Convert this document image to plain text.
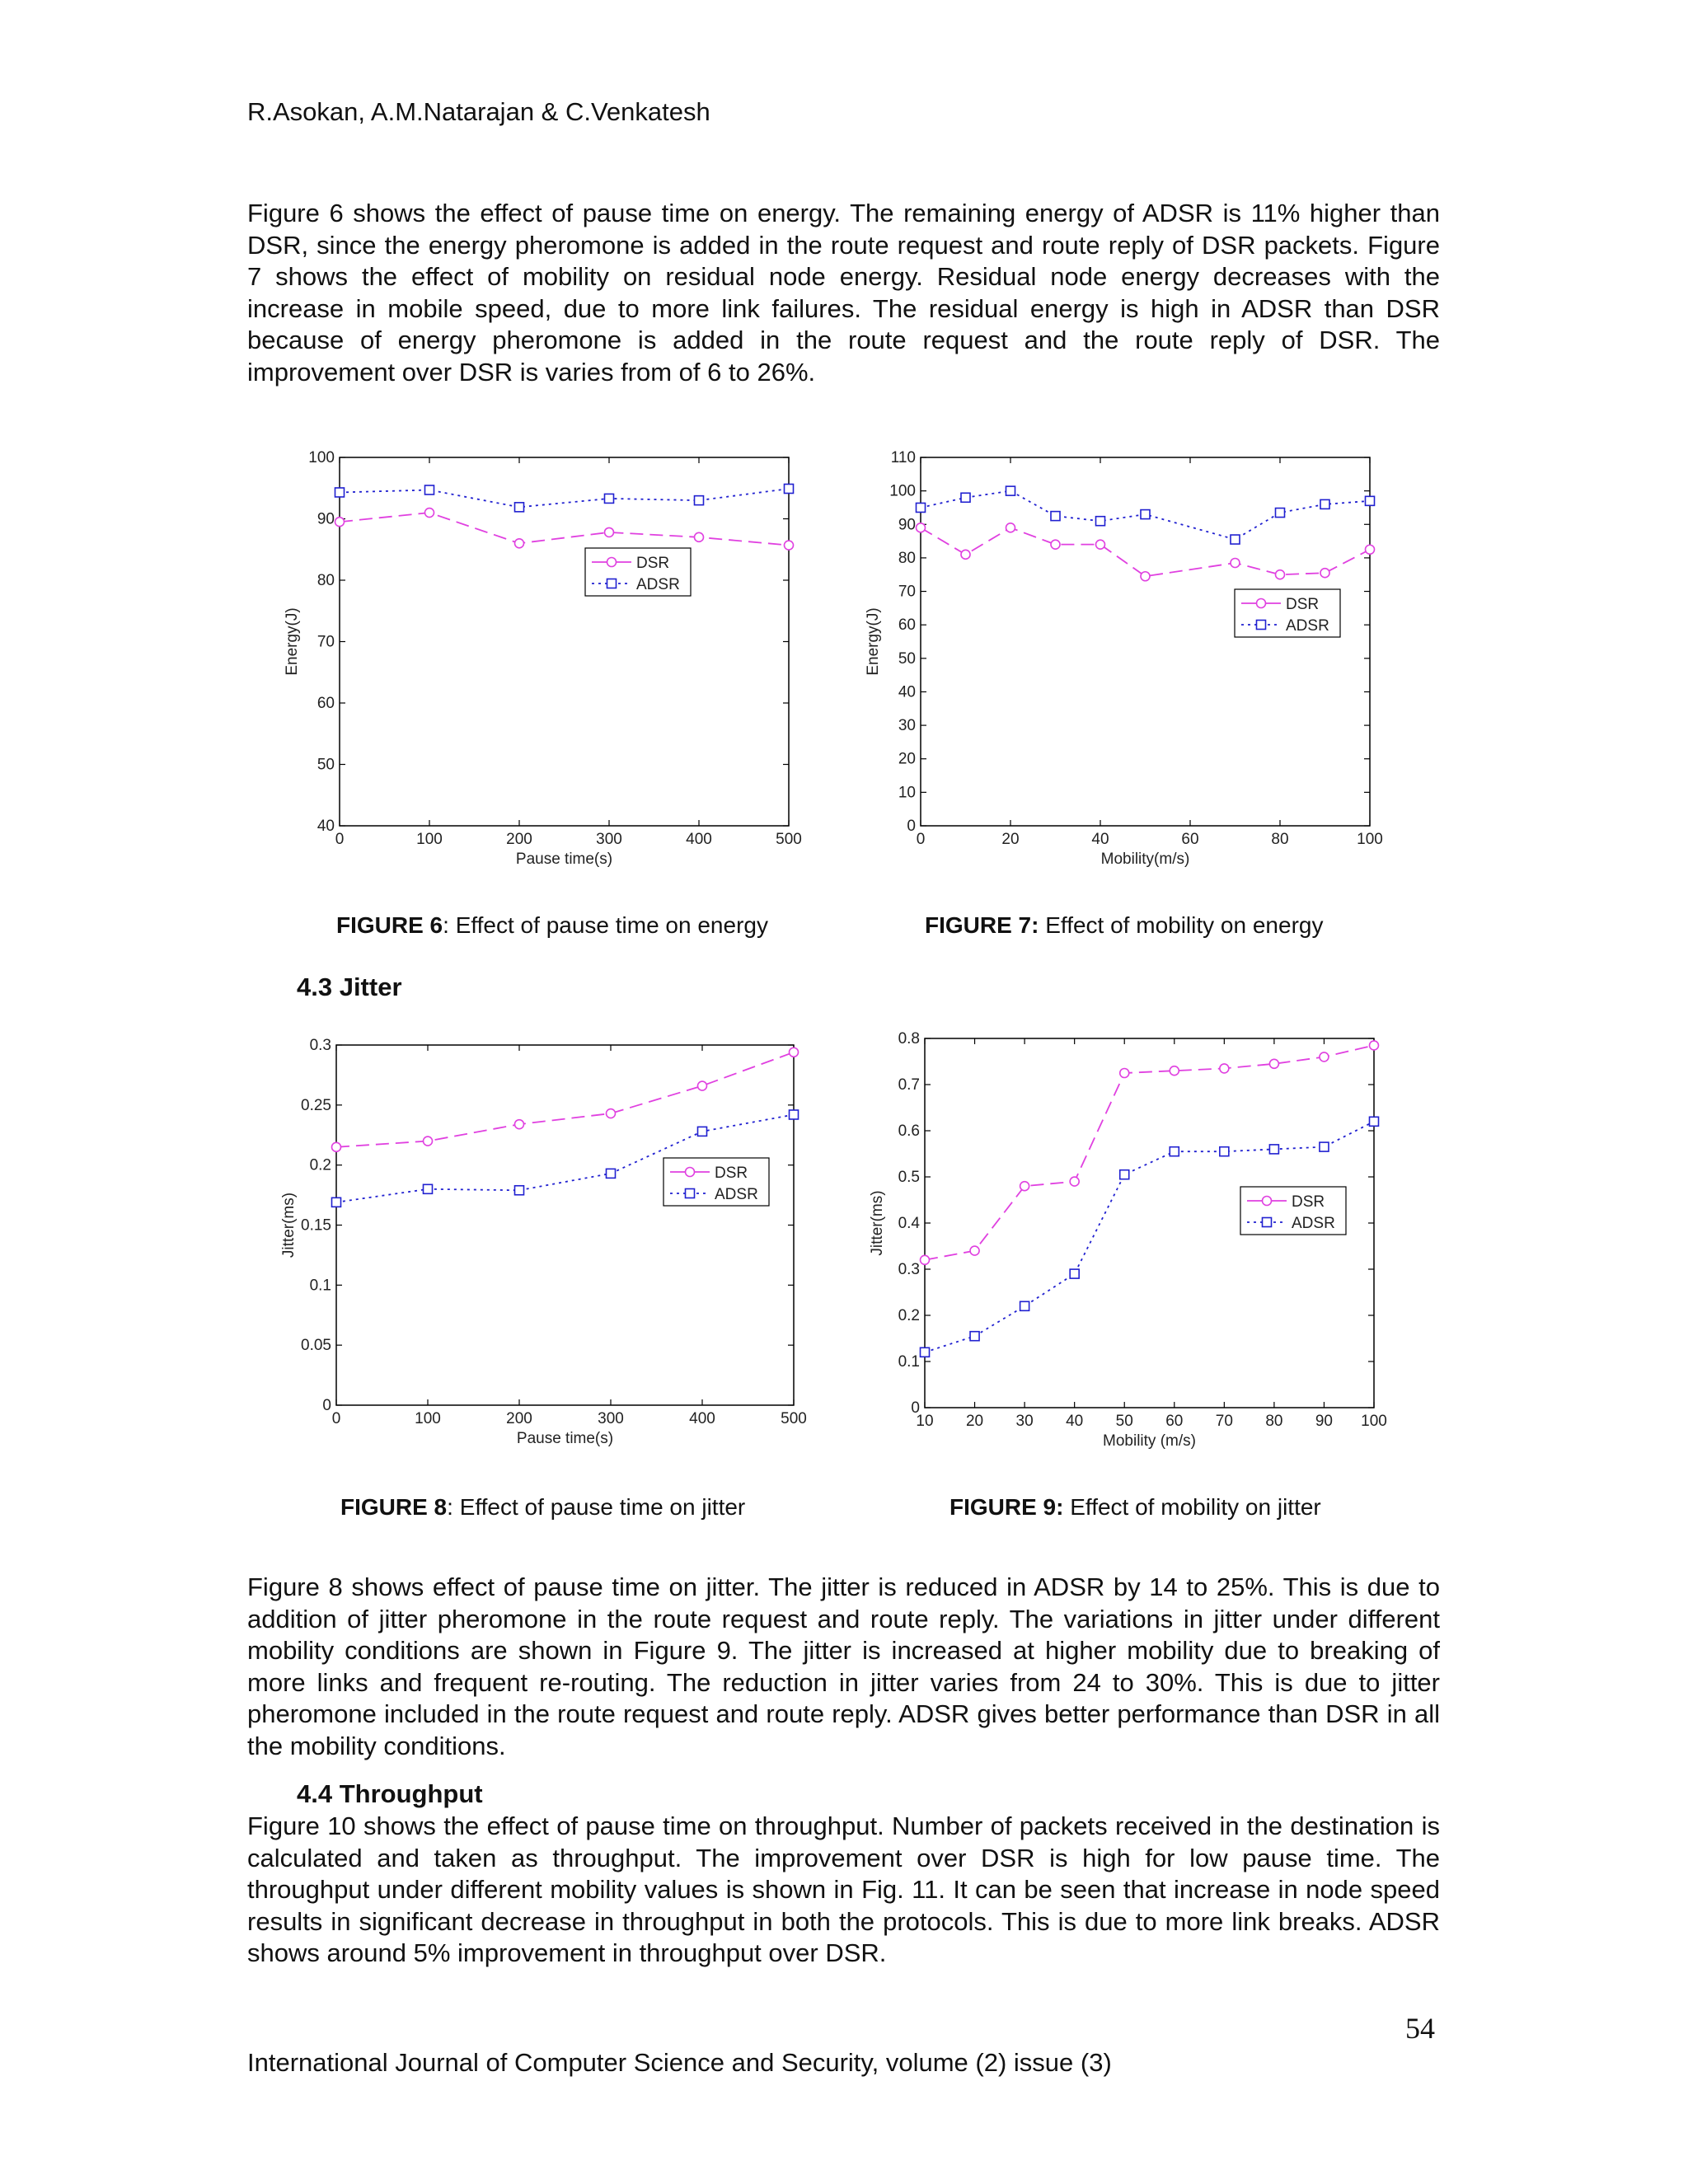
R.Asokan, A.M.Natarajan & C.Venkatesh

Figure 6 shows the effect of pause time on energy. The remaining energy of ADSR is 11% higher than DSR, since the energy pheromone is added in the route request and route reply of DSR packets. Figure 7 shows the effect of mobility on residual node energy. Residual node energy decreases with the increase in mobile speed, due to more link failures. The residual energy is high in ADSR than DSR because of energy pheromone is added in the route request and the route reply of DSR. The improvement over DSR is varies from of 6 to 26%.

0	100	200	300	400	500
40
50
60
70
80
90
100
Pause time(s)
Energy(J)
DSR
ADSR
0	20	40	60	80	100
0
10
20
30
40
50
60
70
80
90
100
110
Mobility(m/s)
Energy(J)
DSR
ADSR
FIGURE 6: Effect of pause time on energy	FIGURE 7: Effect of mobility on energy
4.3 Jitter
0	100	200	300	400	500
0
0.05
0.1
0.15
0.2
0.25
0.3
Pause time(s)
Jitter(ms)
DSR
ADSR
10 20 30 40 50 60 70 80 90 100
0
0.1
0.2
0.3
0.4
0.5
0.6
0.7
0.8
Mobility (m/s)
Jitter(ms)	DSR
ADSR
FIGURE 8: Effect of pause time on jitter	FIGURE 9: Effect of mobility on jitter

Figure 8 shows effect of pause time on jitter. The jitter is reduced in ADSR by 14 to 25%. This is due to addition of jitter pheromone in the route request and route reply. The variations in jitter under different mobility conditions are shown in Figure 9. The jitter is increased at higher mobility due to breaking of more links and frequent re-routing. The reduction in jitter varies from 24 to 30%. This is due to jitter pheromone included in the route request and route reply. ADSR gives better performance than DSR in all the mobility conditions.

4.4 Throughput

Figure 10 shows the effect of pause time on throughput. Number of packets received in the destination is calculated and taken as throughput. The improvement over DSR is high for low pause time. The throughput under different mobility values is shown in Fig. 11. It can be seen that increase in node speed results in significant decrease in throughput in both the protocols. This is due to more link breaks. ADSR shows around 5% improvement in throughput over DSR.

54
International Journal of Computer Science and Security, volume (2) issue (3)
